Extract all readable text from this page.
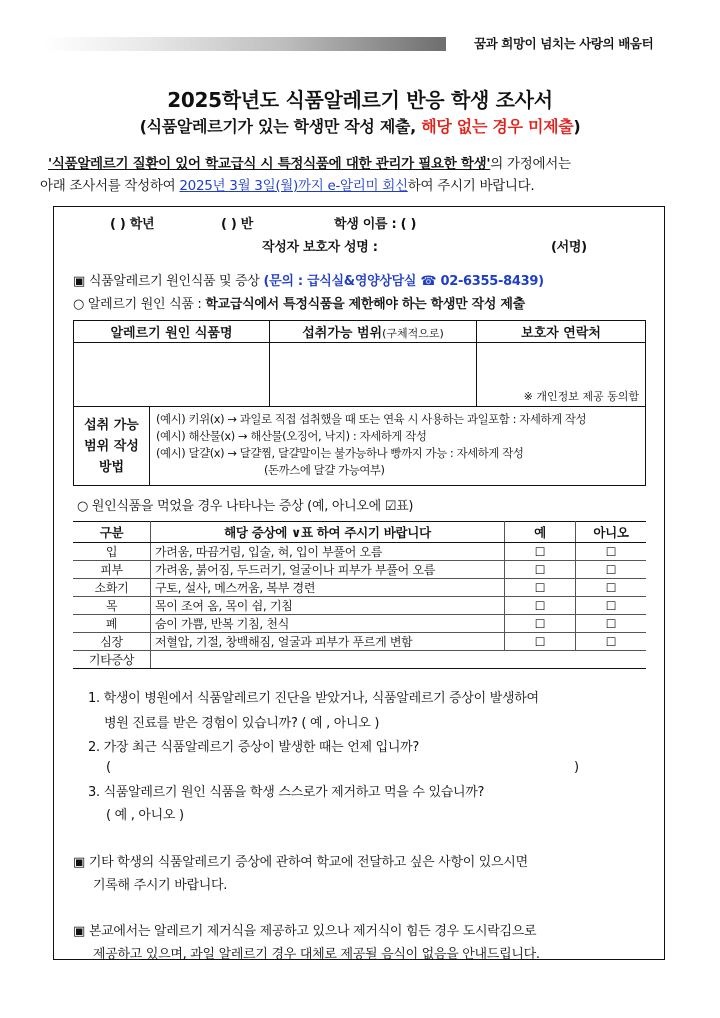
꿈과 희망이 넘치는 사랑의 배움터
2025학년도 식품알레르기 반응 학생 조사서
(식품알레르기가 있는 학생만 작성 제출, 해당 없는 경우 미제출)
'식품알레르기 질환이 있어 학교급식 시 특정식품에 대한 관리가 필요한 학생'의 가정에서는
아래 조사서를 작성하여 2025년 3월 3일(월)까지 e-알리미 회신하여 주시기 바랍니다.
( ) 학년	( ) 반	학생 이름 : ( )
작성자 보호자 성명 :	(서명)
▣ 식품알레르기 원인식품 및 증상 (문의 : 급식실&영양상담실 ☎ 02-6355-8439)
○ 알레르기 원인 식품 : 학교급식에서 특정식품을 제한해야 하는 학생만 작성 제출
알레르기 원인 식품명	섭취가능 범위(구체적으로)	보호자 연락처
		※ 개인정보 제공 동의함

섭취 가능 범위 작성 방법
(예시) 키위(x) → 과일로 직접 섭취했을 때 또는 연육 시 사용하는 과일포함 : 자세하게 작성
(예시) 해산물(x) → 해산물(오징어, 낙지) : 자세하게 작성
(예시) 달걀(x) → 달걀찜, 달걀말이는 불가능하나 빵까지 가능 : 자세하게 작성
(돈까스에 달걀 가능여부)		
○ 원인식품을 먹었을 경우 나타나는 증상 (예, 아니오에 ☑표)
구분	해당 증상에 ∨표 하여 주시기 바랍니다	예	아니오
입	가려움, 따끔거림, 입술, 혀, 입이 부풀어 오름	☐	☐
피부	가려움, 붉어짐, 두드러기, 얼굴이나 피부가 부풀어 오름	☐	☐
소화기	구토, 설사, 메스꺼움, 복부 경련	☐	☐
목	목이 조여 옴, 목이 쉼, 기침	☐	☐
폐	숨이 가쁨, 반복 기침, 천식	☐	☐
심장	저혈압, 기절, 창백해짐, 얼굴과 피부가 푸르게 변함	☐	☐
기타증상			
1. 학생이 병원에서 식품알레르기 진단을 받았거나, 식품알레르기 증상이 발생하여
병원 진료를 받은 경험이 있습니까? ( 예 , 아니오 )
2. 가장 최근 식품알레르기 증상이 발생한 때는 언제 입니까?
(	)
3. 식품알레르기 원인 식품을 학생 스스로가 제거하고 먹을 수 있습니까?
( 예 , 아니오 )
▣ 기타 학생의 식품알레르기 증상에 관하여 학교에 전달하고 싶은 사항이 있으시면
기록해 주시기 바랍니다.
▣ 본교에서는 알레르기 제거식을 제공하고 있으나 제거식이 힘든 경우 도시락김으로
제공하고 있으며, 과일 알레르기 경우 대체로 제공될 음식이 없음을 안내드립니다.
